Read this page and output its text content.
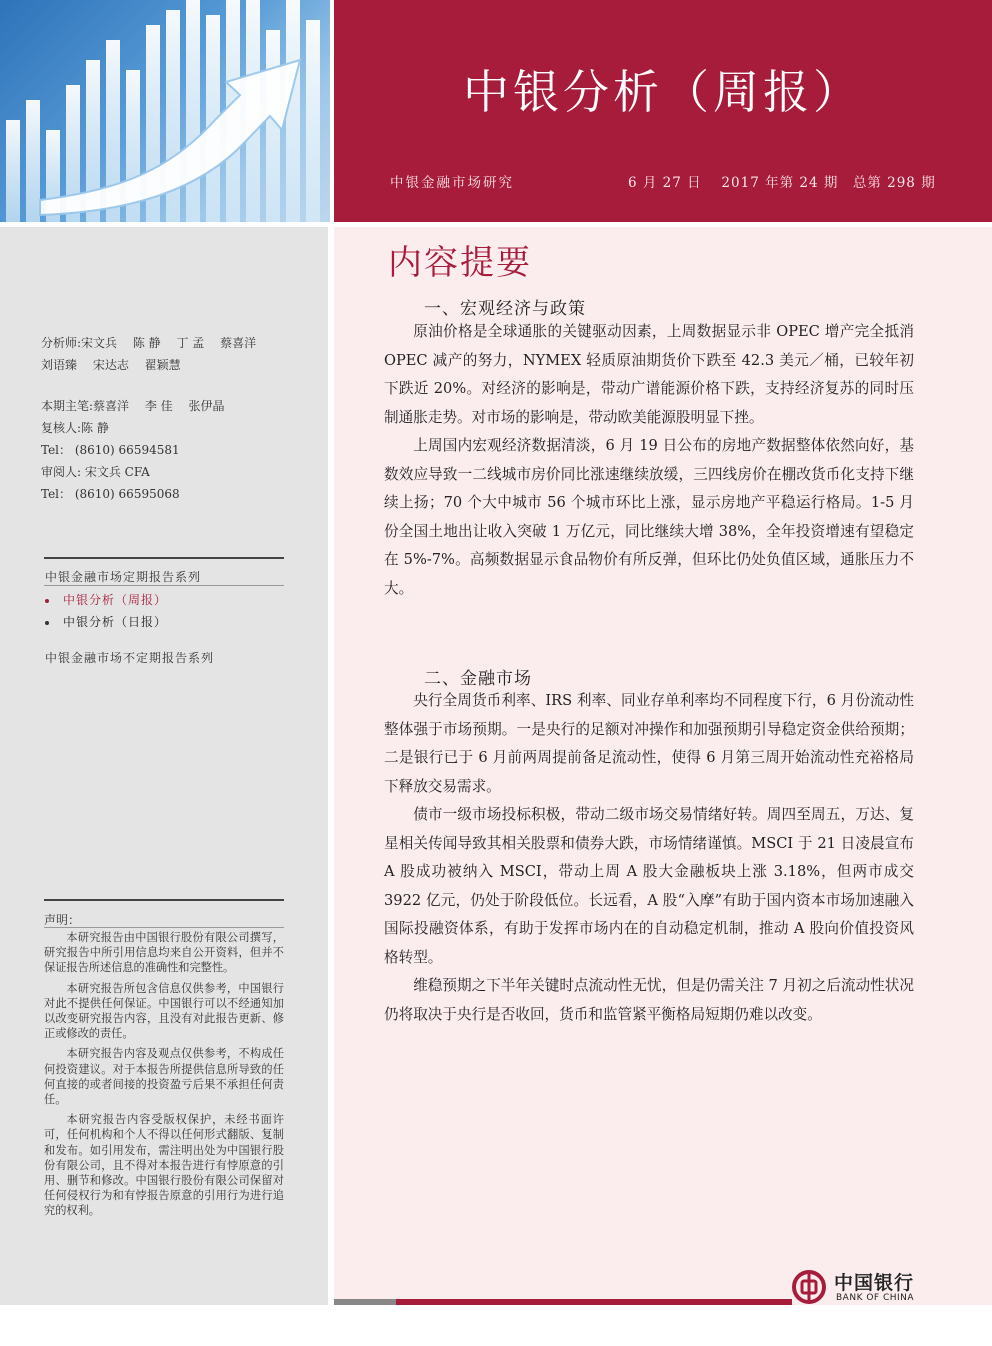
中银分析（周报）
中银金融市场研究	6 月 27 日　 2017 年第 24 期　总第 298 期
分析师:宋文兵　 陈 静　 丁 孟　 蔡喜洋
刘语臻　 宋达志　 翟颖慧
本期主笔:蔡喜洋　 李 佳　 张伊晶
复核人:陈 静
Tel： (8610) 66594581
审阅人: 宋文兵 CFA
Tel： (8610) 66595068
中银金融市场定期报告系列
中银分析（周报）
中银分析（日报）
中银金融市场不定期报告系列
声明：

本研究报告由中国银行股份有限公司撰写，研究报告中所引用信息均来自公开资料，但并不保证报告所述信息的准确性和完整性。

本研究报告所包含信息仅供参考，中国银行对此不提供任何保证。中国银行可以不经通知加以改变研究报告内容，且没有对此报告更新、修正或修改的责任。

本研究报告内容及观点仅供参考，不构成任何投资建议。对于本报告所提供信息所导致的任何直接的或者间接的投资盈亏后果不承担任何责任。

本研究报告内容受版权保护，未经书面许可，任何机构和个人不得以任何形式翻版、复制和发布。如引用发布，需注明出处为中国银行股份有限公司，且不得对本报告进行有悖原意的引用、删节和修改。中国银行股份有限公司保留对任何侵权行为和有悖报告原意的引用行为进行追究的权利。

内容提要
一、宏观经济与政策

原油价格是全球通胀的关键驱动因素，上周数据显示非 OPEC 增产完全抵消 OPEC 减产的努力，NYMEX 轻质原油期货价下跌至 42.3 美元／桶，已较年初下跌近 20%。对经济的影响是，带动广谱能源价格下跌，支持经济复苏的同时压制通胀走势。对市场的影响是，带动欧美能源股明显下挫。

上周国内宏观经济数据清淡，6 月 19 日公布的房地产数据整体依然向好，基数效应导致一二线城市房价同比涨速继续放缓，三四线房价在棚改货币化支持下继续上扬；70 个大中城市 56 个城市环比上涨，显示房地产平稳运行格局。1-5 月份全国土地出让收入突破 1 万亿元，同比继续大增 38%，全年投资增速有望稳定在 5%-7%。高频数据显示食品物价有所反弹，但环比仍处负值区域，通胀压力不大。

二、金融市场

央行全周货币利率、IRS 利率、同业存单利率均不同程度下行，6 月份流动性整体强于市场预期。一是央行的足额对冲操作和加强预期引导稳定资金供给预期；二是银行已于 6 月前两周提前备足流动性，使得 6 月第三周开始流动性充裕格局下释放交易需求。

债市一级市场投标积极，带动二级市场交易情绪好转。周四至周五，万达、复星相关传闻导致其相关股票和债券大跌，市场情绪谨慎。MSCI 于 21 日凌晨宣布 A 股成功被纳入 MSCI，带动上周 A 股大金融板块上涨 3.18%，但两市成交 3922 亿元，仍处于阶段低位。长远看，A 股“入摩”有助于国内资本市场加速融入国际投融资体系，有助于发挥市场内在的自动稳定机制，推动 A 股向价值投资风格转型。

维稳预期之下半年关键时点流动性无忧，但是仍需关注 7 月初之后流动性状况仍将取决于央行是否收回，货币和监管紧平衡格局短期仍难以改变。

中国银行
BANK OF CHINA
